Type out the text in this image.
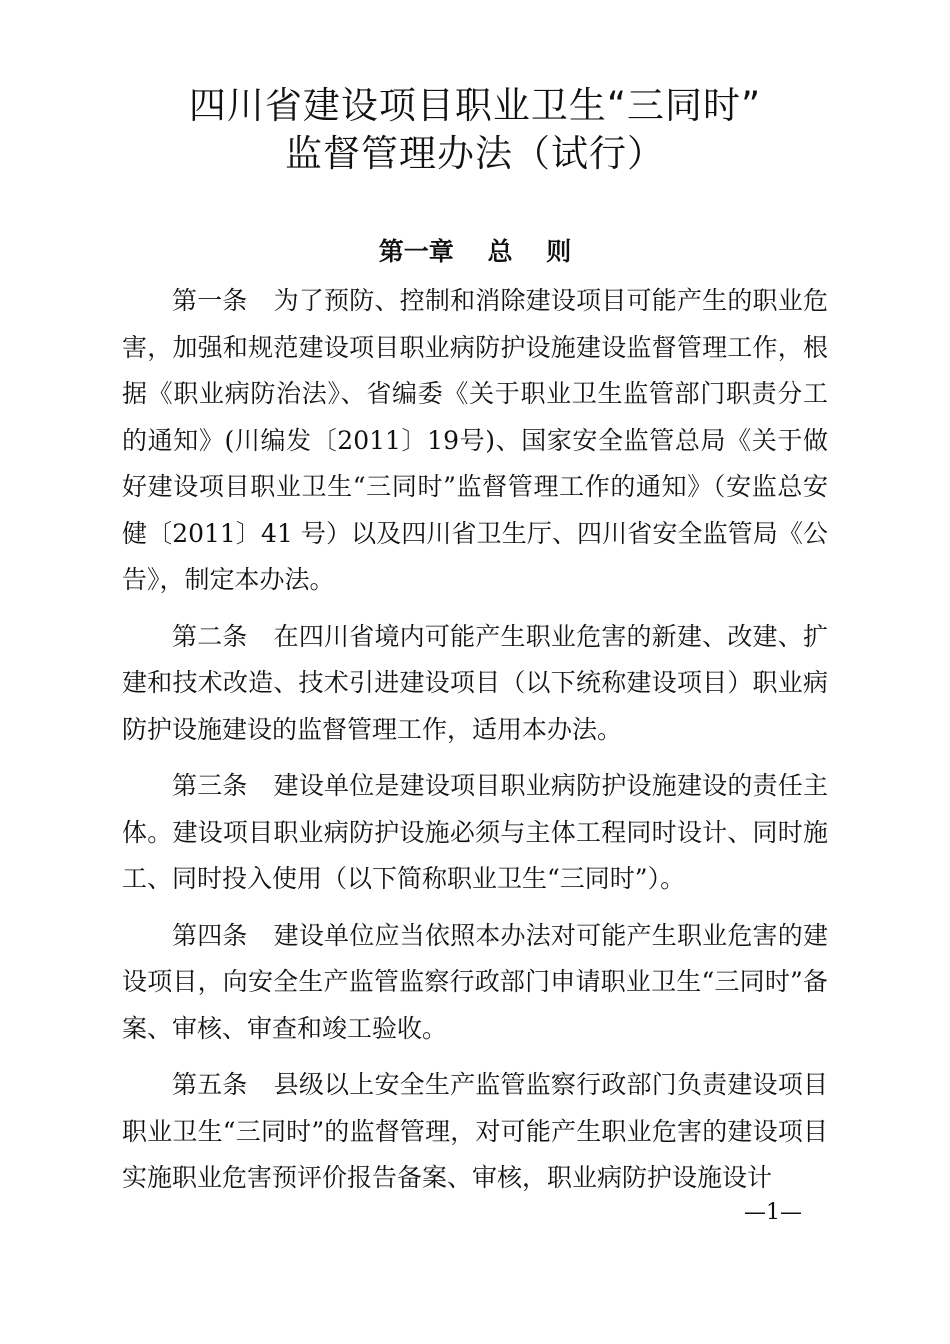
四川省建设项目职业卫生“三同时”
监督管理办法（试行）
第一章　 总　 则

第一条 为了预防、控制和消除建设项目可能产生的职业危害，加强和规范建设项目职业病防护设施建设监督管理工作，根据《职业病防治法》、省编委《关于职业卫生监管部门职责分工的通知》(川编发〔2011〕19号)、国家安全监管总局《关于做好建设项目职业卫生“三同时”监督管理工作的通知》（安监总安健〔2011〕41 号）以及四川省卫生厅、四川省安全监管局《公告》，制定本办法。

第二条 在四川省境内可能产生职业危害的新建、改建、扩建和技术改造、技术引进建设项目（以下统称建设项目）职业病防护设施建设的监督管理工作，适用本办法。

第三条 建设单位是建设项目职业病防护设施建设的责任主体。建设项目职业病防护设施必须与主体工程同时设计、同时施工、同时投入使用（以下简称职业卫生“三同时”）。

第四条 建设单位应当依照本办法对可能产生职业危害的建设项目，向安全生产监管监察行政部门申请职业卫生“三同时”备案、审核、审查和竣工验收。

第五条 县级以上安全生产监管监察行政部门负责建设项目职业卫生“三同时”的监督管理，对可能产生职业危害的建设项目实施职业危害预评价报告备案、审核，职业病防护设施设计

—1—
